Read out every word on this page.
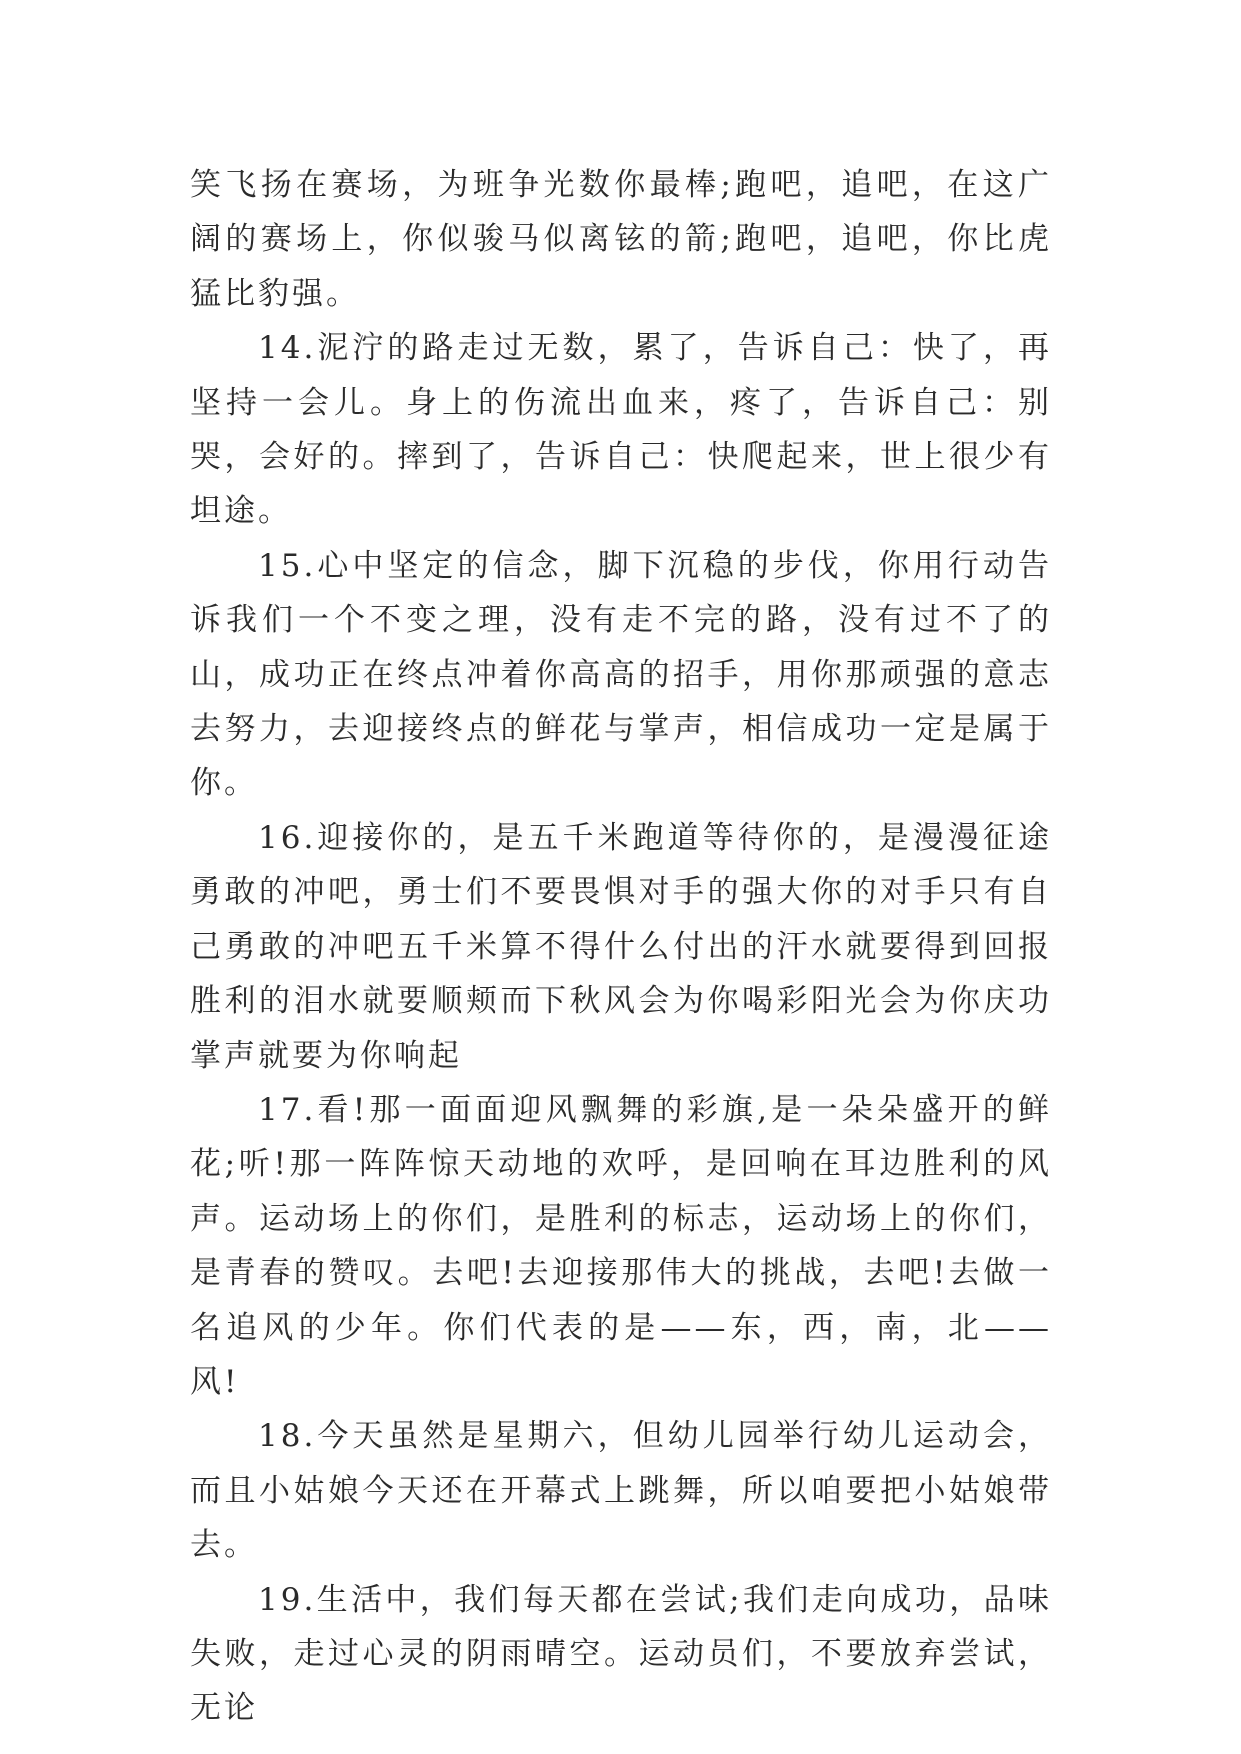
笑飞扬在赛场，为班争光数你最棒;跑吧，追吧，在这广阔的赛场上，你似骏马似离铉的箭;跑吧，追吧，你比虎猛比豹强。

14.泥泞的路走过无数，累了，告诉自己：快了，再坚持一会儿。身上的伤流出血来，疼了，告诉自己：别哭，会好的。摔到了，告诉自己：快爬起来，世上很少有坦途。

15.心中坚定的信念，脚下沉稳的步伐，你用行动告诉我们一个不变之理，没有走不完的路，没有过不了的山，成功正在终点冲着你高高的招手，用你那顽强的意志去努力，去迎接终点的鲜花与掌声，相信成功一定是属于你。

16.迎接你的，是五千米跑道等待你的，是漫漫征途勇敢的冲吧，勇士们不要畏惧对手的强大你的对手只有自己勇敢的冲吧五千米算不得什么付出的汗水就要得到回报胜利的泪水就要顺颊而下秋风会为你喝彩阳光会为你庆功掌声就要为你响起

17.看!那一面面迎风飘舞的彩旗,是一朵朵盛开的鲜花;听!那一阵阵惊天动地的欢呼，是回响在耳边胜利的风声。运动场上的你们，是胜利的标志，运动场上的你们，是青春的赞叹。去吧!去迎接那伟大的挑战，去吧!去做一名追风的少年。你们代表的是——东，西，南，北——风!

18.今天虽然是星期六，但幼儿园举行幼儿运动会，而且小姑娘今天还在开幕式上跳舞，所以咱要把小姑娘带去。

19.生活中，我们每天都在尝试;我们走向成功，品味失败，走过心灵的阴雨晴空。运动员们，不要放弃尝试，无论
